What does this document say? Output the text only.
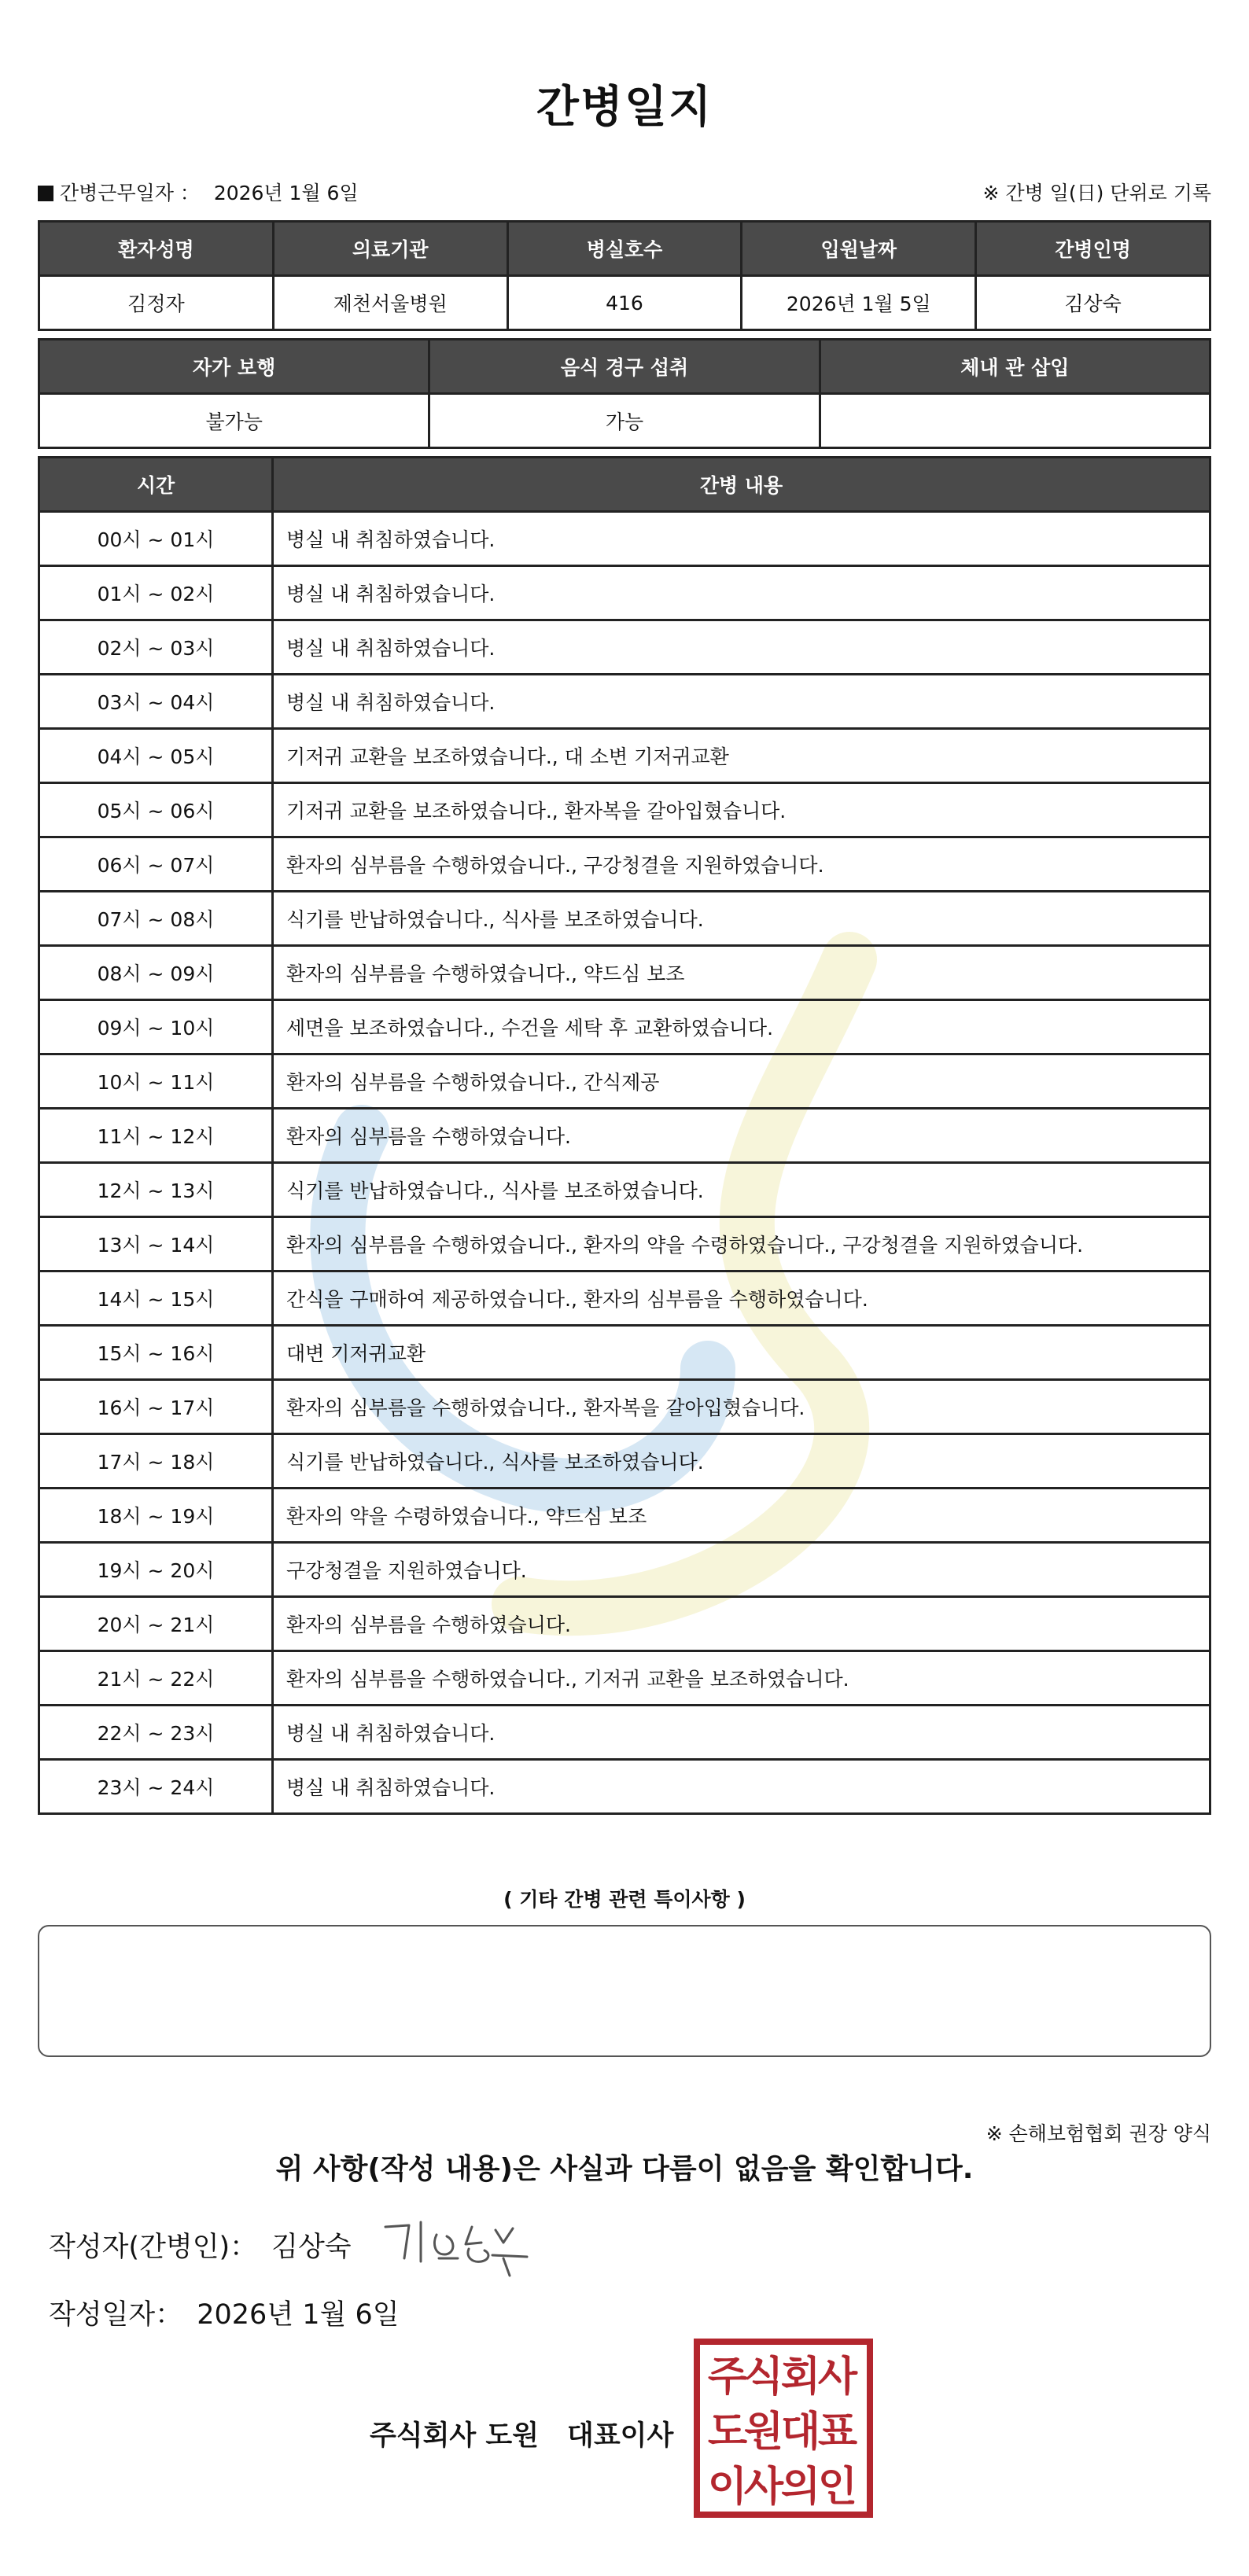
간병일지
간병근무일자 ： 2026년 1월 6일	※ 간병 일(日) 단위로 기록
환자성명	의료기관	병실호수	입원날짜	간병인명
김정자	제천서울병원	416	2026년 1월 5일	김상숙
자가 보행	음식 경구 섭취	체내 관 삽입
불가능	가능	
시간	간병 내용
00시 ~ 01시	병실 내 취침하였습니다.
01시 ~ 02시	병실 내 취침하였습니다.
02시 ~ 03시	병실 내 취침하였습니다.
03시 ~ 04시	병실 내 취침하였습니다.
04시 ~ 05시	기저귀 교환을 보조하였습니다., 대 소변 기저귀교환
05시 ~ 06시	기저귀 교환을 보조하였습니다., 환자복을 갈아입혔습니다.
06시 ~ 07시	환자의 심부름을 수행하였습니다., 구강청결을 지원하였습니다.
07시 ~ 08시	식기를 반납하였습니다., 식사를 보조하였습니다.
08시 ~ 09시	환자의 심부름을 수행하였습니다., 약드심 보조
09시 ~ 10시	세면을 보조하였습니다., 수건을 세탁 후 교환하였습니다.
10시 ~ 11시	환자의 심부름을 수행하였습니다., 간식제공
11시 ~ 12시	환자의 심부름을 수행하였습니다.
12시 ~ 13시	식기를 반납하였습니다., 식사를 보조하였습니다.
13시 ~ 14시	환자의 심부름을 수행하였습니다., 환자의 약을 수령하였습니다., 구강청결을 지원하였습니다.
14시 ~ 15시	간식을 구매하여 제공하였습니다., 환자의 심부름을 수행하였습니다.
15시 ~ 16시	대변 기저귀교환
16시 ~ 17시	환자의 심부름을 수행하였습니다., 환자복을 갈아입혔습니다.
17시 ~ 18시	식기를 반납하였습니다., 식사를 보조하였습니다.
18시 ~ 19시	환자의 약을 수령하였습니다., 약드심 보조
19시 ~ 20시	구강청결을 지원하였습니다.
20시 ~ 21시	환자의 심부름을 수행하였습니다.
21시 ~ 22시	환자의 심부름을 수행하였습니다., 기저귀 교환을 보조하였습니다.
22시 ~ 23시	병실 내 취침하였습니다.
23시 ~ 24시	병실 내 취침하였습니다.
( 기타 간병 관련 특이사항 )
※ 손해보험협회 권장 양식
위 사항(작성 내용)은 사실과 다름이 없음을 확인합니다.
작성자(간병인)： 김상숙
작성일자： 2026년 1월 6일
주식회사 도원 대표이사
주
식
회
사
도
원
대
표
이
사
의
인
